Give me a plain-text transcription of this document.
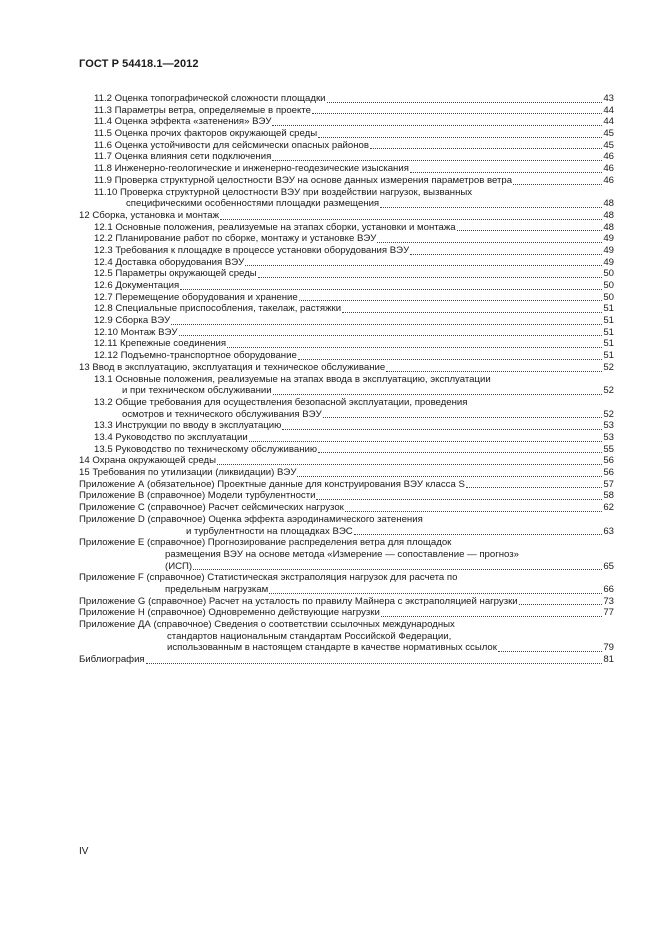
ГОСТ Р 54418.1—2012
11.2 Оценка топографической сложности площадки	43
11.3 Параметры ветра, определяемые в проекте	44
11.4 Оценка эффекта «затенения» ВЭУ	44
11.5 Оценка прочих факторов окружающей среды	45
11.6 Оценка устойчивости для сейсмически опасных районов	45
11.7 Оценка влияния сети подключения	46
11.8 Инженерно-геологические и инженерно-геодезические изыскания	46
11.9 Проверка структурной целостности ВЭУ на основе данных измерения параметров ветра	46
11.10 Проверка структурной целостности ВЭУ при воздействии нагрузок, вызванных
специфическими особенностями площадки размещения	48
12 Сборка, установка и монтаж	48
12.1 Основные положения, реализуемые на этапах сборки, установки и монтажа	48
12.2 Планирование работ по сборке, монтажу и установке ВЭУ	49
12.3 Требования к площадке в процессе установки оборудования ВЭУ	49
12.4 Доставка оборудования ВЭУ	49
12.5 Параметры окружающей среды	50
12.6 Документация	50
12.7 Перемещение оборудования и хранение	50
12.8 Специальные приспособления, такелаж, растяжки	51
12.9 Сборка ВЭУ	51
12.10 Монтаж ВЭУ	51
12.11 Крепежные соединения	51
12.12 Подъемно-транспортное оборудование	51
13 Ввод в эксплуатацию, эксплуатация и техническое обслуживание	52
13.1 Основные положения, реализуемые на этапах ввода в эксплуатацию, эксплуатации
и при техническом обслуживании	52
13.2 Общие требования для осуществления безопасной эксплуатации, проведения
осмотров и технического обслуживания ВЭУ	52
13.3 Инструкции по вводу в эксплуатацию	53
13.4 Руководство по эксплуатации	53
13.5 Руководство по техническому обслуживанию	55
14 Охрана окружающей среды	56
15 Требования по утилизации (ликвидации) ВЭУ	56
Приложение А (обязательное) Проектные данные для конструирования ВЭУ класса S	57
Приложение В (справочное) Модели турбулентности	58
Приложение С (справочное) Расчет сейсмических нагрузок	62
Приложение D (справочное) Оценка эффекта аэродинамического затенения
и турбулентности на площадках ВЭС	63
Приложение Е (справочное) Прогнозирование распределения ветра для площадок
размещения ВЭУ на основе метода «Измерение — сопоставление — прогноз»
(ИСП)	65
Приложение F (справочное) Статистическая экстраполяция нагрузок для расчета по
предельным нагрузкам	66
Приложение G (справочное) Расчет на усталость по правилу Майнера с экстраполяцией нагрузки	73
Приложение H (справочное) Одновременно действующие нагрузки	77
Приложение ДА (справочное) Сведения о соответствии ссылочных международных
стандартов национальным стандартам Российской Федерации,
использованным в настоящем стандарте в качестве нормативных ссылок	79
Библиография	81
IV
